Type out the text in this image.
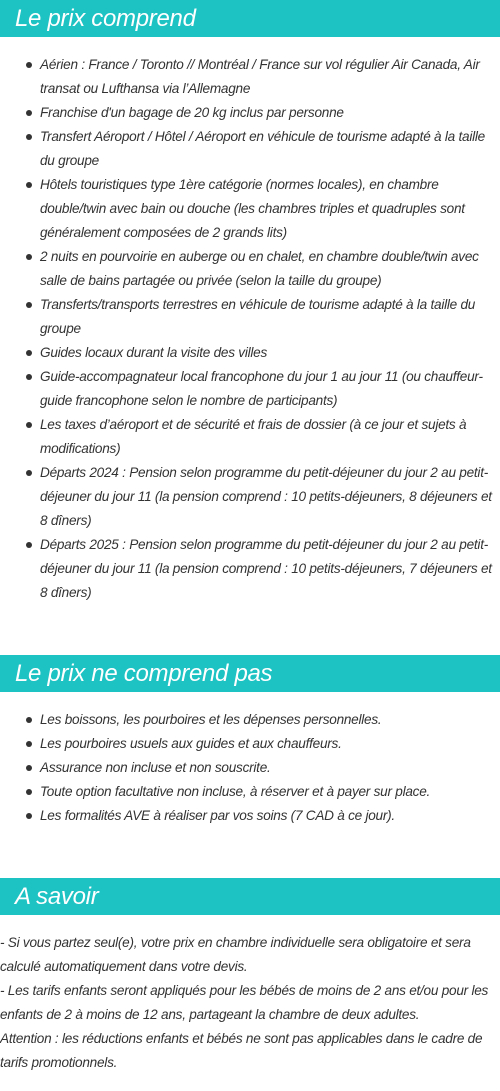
Le prix comprend
Aérien : France / Toronto // Montréal / France sur vol régulier Air Canada, Air transat ou Lufthansa via l’Allemagne
Franchise d'un bagage de 20 kg inclus par personne
Transfert Aéroport / Hôtel / Aéroport en véhicule de tourisme adapté à la taille du groupe
Hôtels touristiques type 1ère catégorie (normes locales), en chambre double/twin avec bain ou douche (les chambres triples et quadruples sont généralement composées de 2 grands lits)
2 nuits en pourvoirie en auberge ou en chalet, en chambre double/twin avec salle de bains partagée ou privée (selon la taille du groupe)
Transferts/transports terrestres en véhicule de tourisme adapté à la taille du groupe
Guides locaux durant la visite des villes
Guide-accompagnateur local francophone du jour 1 au jour 11 (ou chauffeur-guide francophone selon le nombre de participants)
Les taxes d’aéroport et de sécurité et frais de dossier (à ce jour et sujets à modifications)
Départs 2024 : Pension selon programme du petit-déjeuner du jour 2 au petit-déjeuner du jour 11 (la pension comprend : 10 petits-déjeuners, 8 déjeuners et 8 dîners)
Départs 2025 : Pension selon programme du petit-déjeuner du jour 2 au petit-déjeuner du jour 11 (la pension comprend : 10 petits-déjeuners, 7 déjeuners et 8 dîners)
Le prix ne comprend pas
Les boissons, les pourboires et les dépenses personnelles.
Les pourboires usuels aux guides et aux chauffeurs.
Assurance non incluse et non souscrite.
Toute option facultative non incluse, à réserver et à payer sur place.
Les formalités AVE à réaliser par vos soins (7 CAD à ce jour).
A savoir

- Si vous partez seul(e), votre prix en chambre individuelle sera obligatoire et sera calculé automatiquement dans votre devis.

- Les tarifs enfants seront appliqués pour les bébés de moins de 2 ans et/ou pour les enfants de 2 à moins de 12 ans, partageant la chambre de deux adultes.

Attention : les réductions enfants et bébés ne sont pas applicables dans le cadre de tarifs promotionnels.
